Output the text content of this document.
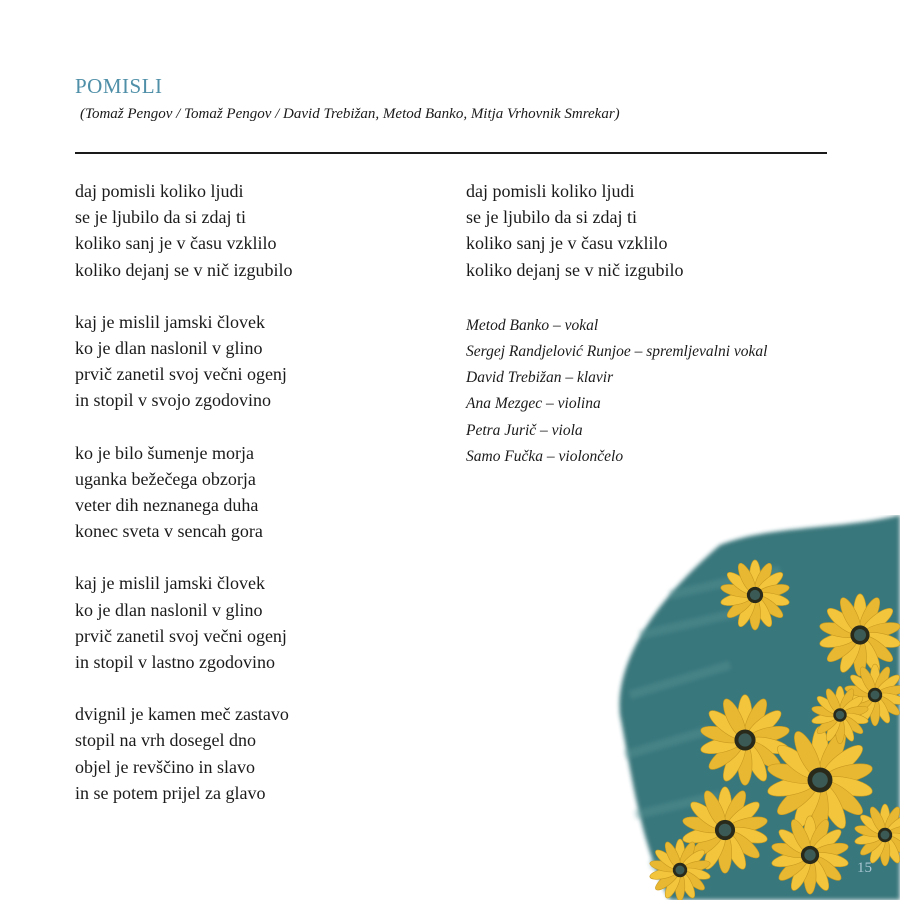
POMISLI
(Tomaž Pengov / Tomaž Pengov / David Trebižan, Metod Banko, Mitja Vrhovnik Smrekar)
daj pomisli koliko ljudi
se je ljubilo da si zdaj ti
koliko sanj je v času vzklilo
koliko dejanj se v nič izgubilo
kaj je mislil jamski človek
ko je dlan naslonil v glino
prvič zanetil svoj večni ogenj
in stopil v svojo zgodovino
ko je bilo šumenje morja
uganka bežečega obzorja
veter dih neznanega duha
konec sveta v sencah gora
kaj je mislil jamski človek
ko je dlan naslonil v glino
prvič zanetil svoj večni ogenj
in stopil v lastno zgodovino
dvignil je kamen meč zastavo
stopil na vrh dosegel dno
objel je revščino in slavo
in se potem prijel za glavo
daj pomisli koliko ljudi
se je ljubilo da si zdaj ti
koliko sanj je v času vzklilo
koliko dejanj se v nič izgubilo
Metod Banko – vokal
Sergej Randjelović Runjoe – spremljevalni vokal
David Trebižan – klavir
Ana Mezgec – violina
Petra Jurič – viola
Samo Fučka – violončelo
15
